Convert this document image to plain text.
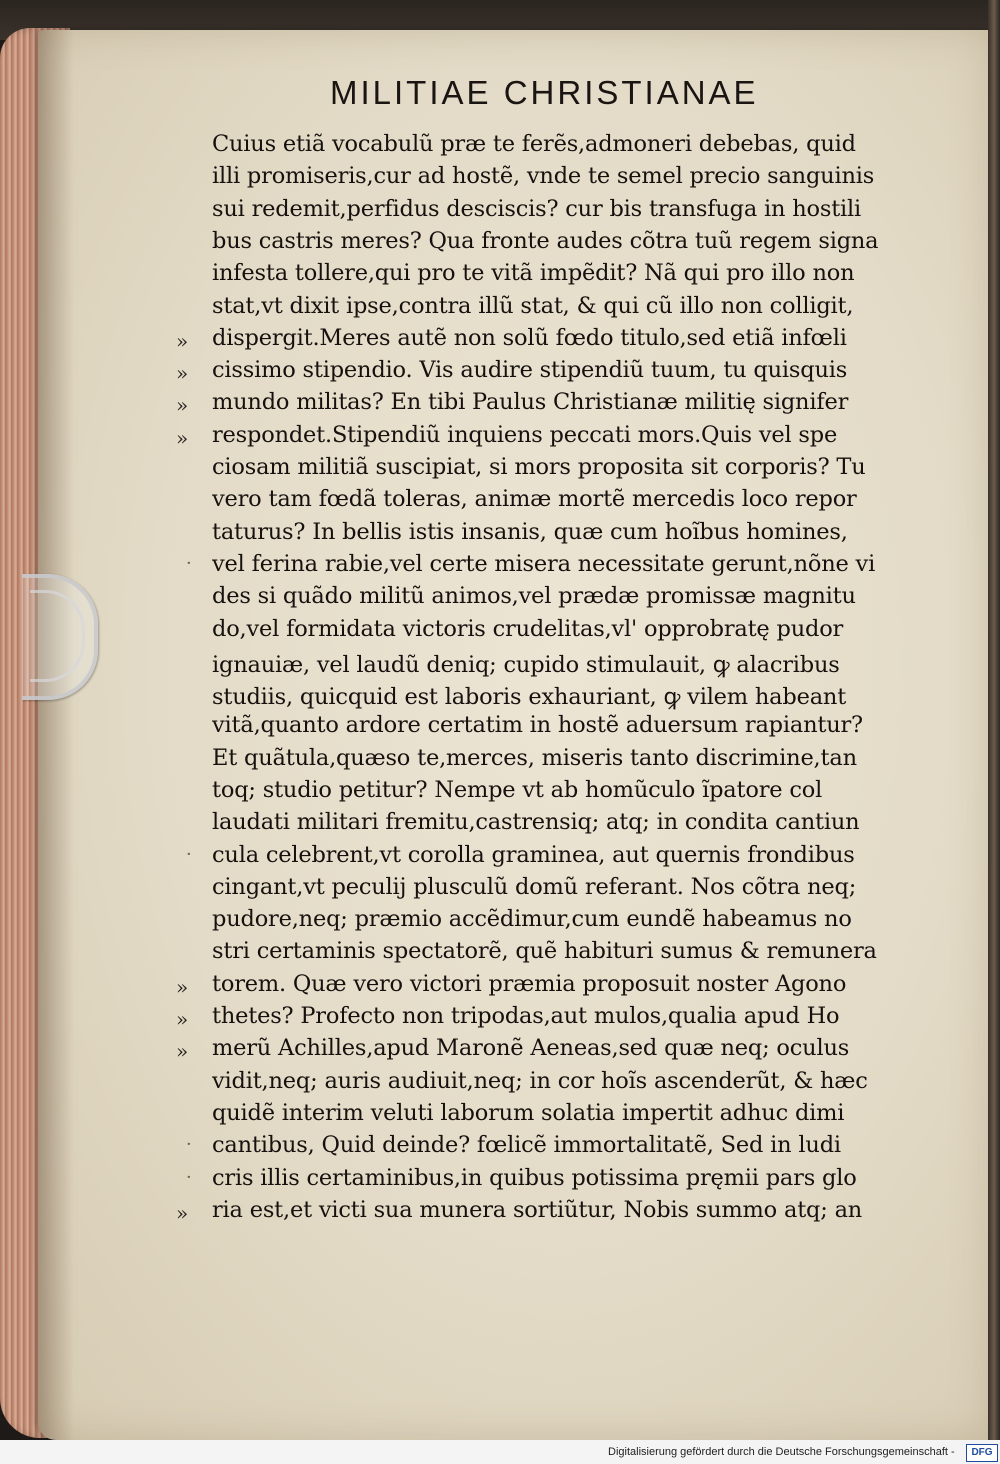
MILITIAE CHRISTIANAE
Cuius etiã vocabulũ præ te ferẽs,admoneri debebas, quid
illi promiseris,cur ad hostẽ, vnde te semel precio sanguinis
sui redemit,perfidus desciscis? cur bis transfuga in hostili
bus castris meres? Qua fronte audes cõtra tuũ regem signa
infesta tollere,qui pro te vitã impẽdit? Nã qui pro illo non
stat,vt dixit ipse,contra illũ stat, & qui cũ illo non colligit,
dispergit.Meres autẽ non solũ fœdo titulo,sed etiã infœli
»
cissimo stipendio. Vis audire stipendiũ tuum, tu quisquis
»
mundo militas? En tibi Paulus Christianæ militię signifer
»
respondet.Stipendiũ inquiens peccati mors.Quis vel spe
»
ciosam militiã suscipiat, si mors proposita sit corporis? Tu
vero tam fœdã toleras, animæ mortẽ mercedis loco repor
taturus? In bellis istis insanis, quæ cum hoĩbus homines,
vel ferina rabie,vel certe misera necessitate gerunt,nõne vi
·
des si quãdo militũ animos,vel prædæ promissæ magnitu
do,vel formidata victoris crudelitas,vl' opprobratę pudor
ignauiæ, vel laudũ deniq; cupido stimulauit, ꝙ alacribus
studiis, quicquid est laboris exhauriant, ꝙ vilem habeant
vitã,quanto ardore certatim in hostẽ aduersum rapiantur?
Et quãtula,quæso te,merces, miseris tanto discrimine,tan
toq; studio petitur? Nempe vt ab homũculo ĩpatore col
laudati militari fremitu,castrensiq; atq; in condita cantiun
cula celebrent,vt corolla graminea, aut quernis frondibus
·
cingant,vt peculij plusculũ domũ referant. Nos cõtra neq;
pudore,neq; præmio accẽdimur,cum eundẽ habeamus no
stri certaminis spectatorẽ, quẽ habituri sumus & remunera
torem. Quæ vero victori præmia proposuit noster Agono
»
thetes? Profecto non tripodas,aut mulos,qualia apud Ho
»
merũ Achilles,apud Maronẽ Aeneas,sed quæ neq; oculus
»
vidit,neq; auris audiuit,neq; in cor hoĩs ascenderũt, & hæc
quidẽ interim veluti laborum solatia impertit adhuc dimi
cantibus, Quid deinde? fœlicẽ immortalitatẽ, Sed in ludi
·
cris illis certaminibus,in quibus potissima pręmii pars glo
·
ria est,et victi sua munera sortiũtur, Nobis summo atq; an
»
Digitalisierung gefördert durch die Deutsche Forschungsgemeinschaft -	DFG
